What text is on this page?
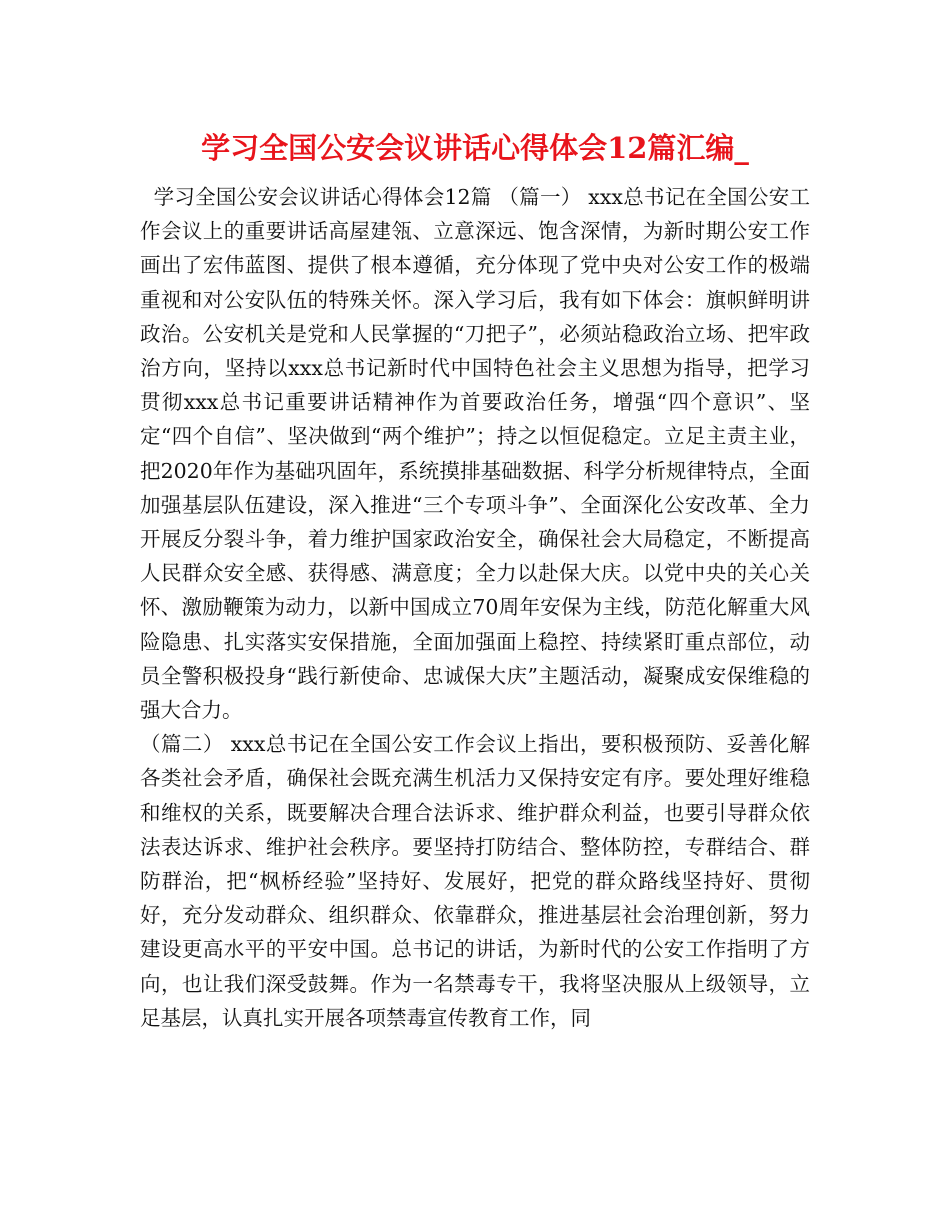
学习全国公安会议讲话心得体会12篇汇编_

学习全国公安会议讲话心得体会12篇 （篇一） xxx总书记在全国公安工作会议上的重要讲话高屋建瓴、立意深远、饱含深情，为新时期公安工作画出了宏伟蓝图、提供了根本遵循，充分体现了党中央对公安工作的极端重视和对公安队伍的特殊关怀。深入学习后，我有如下体会：旗帜鲜明讲政治。公安机关是党和人民掌握的“刀把子”，必须站稳政治立场、把牢政治方向，坚持以xxx总书记新时代中国特色社会主义思想为指导，把学习贯彻xxx总书记重要讲话精神作为首要政治任务，增强“四个意识”、坚定“四个自信”、坚决做到“两个维护”；持之以恒促稳定。立足主责主业，把2020年作为基础巩固年，系统摸排基础数据、科学分析规律特点，全面加强基层队伍建设，深入推进“三个专项斗争”、全面深化公安改革、全力开展反分裂斗争，着力维护国家政治安全，确保社会大局稳定，不断提高人民群众安全感、获得感、满意度；全力以赴保大庆。以党中央的关心关怀、激励鞭策为动力，以新中国成立70周年安保为主线，防范化解重大风险隐患、扎实落实安保措施，全面加强面上稳控、持续紧盯重点部位，动员全警积极投身“践行新使命、忠诚保大庆”主题活动，凝聚成安保维稳的强大合力。

（篇二） xxx总书记在全国公安工作会议上指出，要积极预防、妥善化解各类社会矛盾，确保社会既充满生机活力又保持安定有序。要处理好维稳和维权的关系，既要解决合理合法诉求、维护群众利益，也要引导群众依法表达诉求、维护社会秩序。要坚持打防结合、整体防控，专群结合、群防群治，把“枫桥经验”坚持好、发展好，把党的群众路线坚持好、贯彻好，充分发动群众、组织群众、依靠群众，推进基层社会治理创新，努力建设更高水平的平安中国。总书记的讲话，为新时代的公安工作指明了方向，也让我们深受鼓舞。作为一名禁毒专干，我将坚决服从上级领导，立足基层，认真扎实开展各项禁毒宣传教育工作，同
